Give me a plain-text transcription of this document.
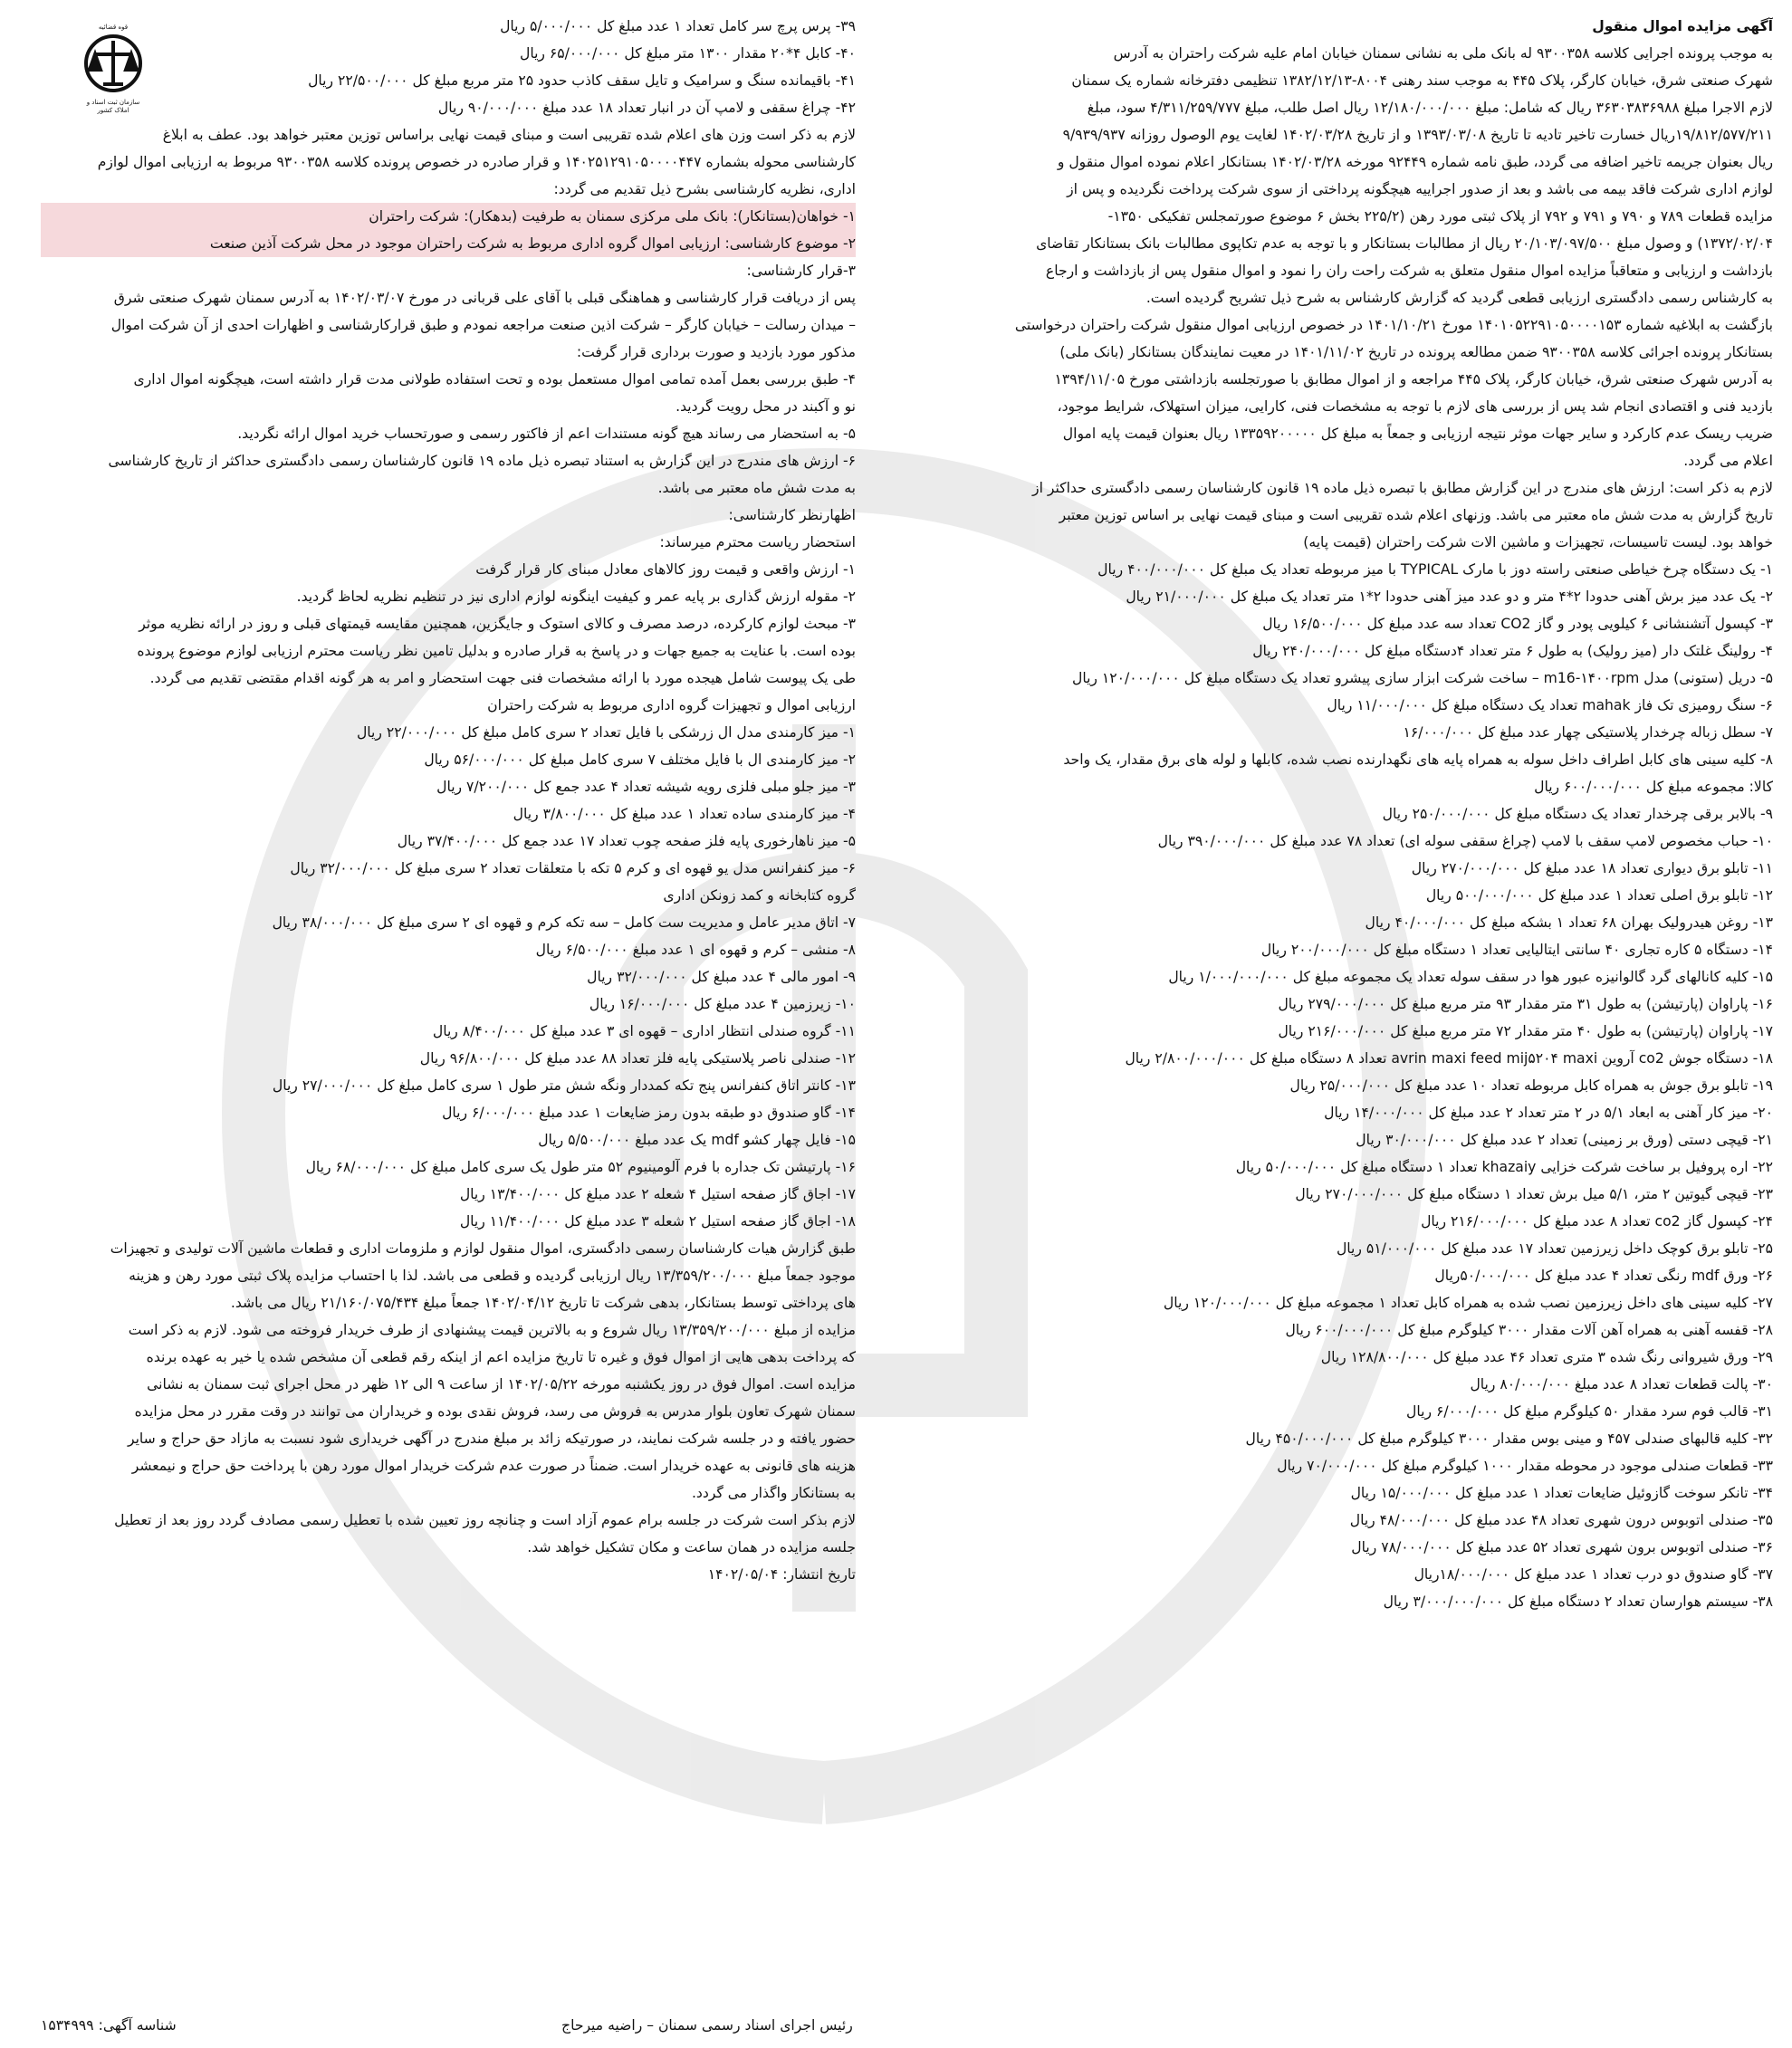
قوه قضائیه
سازمان ثبت اسناد و املاک کشور

آگهی مزایده اموال منقول

به موجب پرونده اجرایی کلاسه ۹۳۰۰۳۵۸ له بانک ملی به نشانی سمنان خیابان امام علیه شرکت راحتران به آدرس

شهرک صنعتی شرق، خیابان کارگر، پلاک ۴۴۵ به موجب سند رهنی ۸۰۰۴-۱۳۸۲/۱۲/۱۳ تنظیمی دفترخانه شماره یک سمنان

لازم الاجرا مبلغ ۳۶۳۰۳۸۳۶۹۸۸ ریال که شامل: مبلغ ۱۲/۱۸۰/۰۰۰/۰۰۰ ریال اصل طلب، مبلغ ۴/۳۱۱/۲۵۹/۷۷۷ سود، مبلغ

۱۹/۸۱۲/۵۷۷/۲۱۱ریال خسارت تاخیر تادیه تا تاریخ ۱۳۹۳/۰۳/۰۸ و از تاریخ ۱۴۰۲/۰۳/۲۸ لغایت یوم الوصول روزانه ۹/۹۳۹/۹۳۷

ریال بعنوان جریمه تاخیر اضافه می گردد، طبق نامه شماره ۹۲۴۴۹ مورخه ۱۴۰۲/۰۳/۲۸ بستانکار اعلام نموده اموال منقول و

لوازم اداری شرکت فاقد بیمه می باشد و بعد از صدور اجراییه هیچگونه پرداختی از سوی شرکت پرداخت نگردیده و پس از

مزایده قطعات ۷۸۹ و ۷۹۰ و ۷۹۱ و ۷۹۲ از پلاک ثبتی مورد رهن (۲۲۵/۲ بخش ۶ موضوع صورتمجلس تفکیکی ۱۳۵۰-

۱۳۷۲/۰۲/۰۴) و وصول مبلغ ۲۰/۱۰۳/۰۹۷/۵۰۰ ریال از مطالبات بستانکار و با توجه به عدم تکاپوی مطالبات بانک بستانکار تقاضای

بازداشت و ارزیابی و متعاقباً مزایده اموال منقول متعلق به شرکت راحت ران را نمود و اموال منقول پس از بازداشت و ارجاع

به کارشناس رسمی دادگستری ارزیابی قطعی گردید که گزارش کارشناس به شرح ذیل تشریح گردیده است.

بازگشت به ابلاغیه شماره ۱۴۰۱۰۵۲۲۹۱۰۵۰۰۰۰۱۵۳ مورخ ۱۴۰۱/۱۰/۲۱ در خصوص ارزیابی اموال منقول شرکت راحتران درخواستی

بستانکار پرونده اجرائی کلاسه ۹۳۰۰۳۵۸ ضمن مطالعه پرونده در تاریخ ۱۴۰۱/۱۱/۰۲ در معیت نمایندگان بستانکار (بانک ملی)

به آدرس شهرک صنعتی شرق، خیابان کارگر، پلاک ۴۴۵ مراجعه و از اموال مطابق با صورتجلسه بازداشتی مورخ ۱۳۹۴/۱۱/۰۵

بازدید فنی و اقتصادی انجام شد پس از بررسی های لازم با توجه به مشخصات فنی، کارایی، میزان استهلاک، شرایط موجود،

ضریب ریسک عدم کارکرد و سایر جهات موثر نتیجه ارزیابی و جمعاً به مبلغ کل ۱۳۳۵۹۲۰۰۰۰۰ ریال بعنوان قیمت پایه اموال

اعلام می گردد.

لازم به ذکر است: ارزش های مندرج در این گزارش مطابق با تبصره ذیل ماده ۱۹ قانون کارشناسان رسمی دادگستری حداکثر از

تاریخ گزارش به مدت شش ماه معتبر می باشد. وزنهای اعلام شده تقریبی است و مبنای قیمت نهایی بر اساس توزین معتبر

خواهد بود. لیست تاسیسات، تجهیزات و ماشین الات شرکت راحتران (قیمت پایه)

۱- یک دستگاه چرخ خیاطی صنعتی راسته دوز با مارک TYPICAL با میز مربوطه تعداد یک مبلغ کل ۴۰۰/۰۰۰/۰۰۰ ریال

۲- یک عدد میز برش آهنی حدودا ۲*۴ متر و دو عدد میز آهنی حدودا ۲*۱ متر تعداد یک مبلغ کل ۲۱/۰۰۰/۰۰۰ ریال

۳- کپسول آتشنشانی ۶ کیلویی پودر و گاز CO2 تعداد سه عدد مبلغ کل ۱۶/۵۰۰/۰۰۰ ریال

۴- رولینگ غلتک دار (میز رولیک) به طول ۶ متر تعداد ۴دستگاه مبلغ کل ۲۴۰/۰۰۰/۰۰۰ ریال

۵- دریل (ستونی) مدل m16-۱۴۰۰rpm – ساخت شرکت ابزار سازی پیشرو تعداد یک دستگاه مبلغ کل ۱۲۰/۰۰۰/۰۰۰ ریال

۶- سنگ رومیزی تک فاز mahak تعداد یک دستگاه مبلغ کل ۱۱/۰۰۰/۰۰۰ ریال

۷- سطل زباله چرخدار پلاستیکی چهار عدد مبلغ کل ۱۶/۰۰۰/۰۰۰

۸- کلیه سینی های کابل اطراف داخل سوله به همراه پایه های نگهدارنده نصب شده، کابلها و لوله های برق مقدار، یک واحد

کالا: مجموعه مبلغ کل ۶۰۰/۰۰۰/۰۰۰ ریال

۹- بالابر برقی چرخدار تعداد یک دستگاه مبلغ کل ۲۵۰/۰۰۰/۰۰۰ ریال

۱۰- حباب مخصوص لامپ سقف با لامپ (چراغ سقفی سوله ای) تعداد ۷۸ عدد مبلغ کل ۳۹۰/۰۰۰/۰۰۰ ریال

۱۱- تابلو برق دیواری تعداد ۱۸ عدد مبلغ کل ۲۷۰/۰۰۰/۰۰۰ ریال

۱۲- تابلو برق اصلی تعداد ۱ عدد مبلغ کل ۵۰۰/۰۰۰/۰۰۰ ریال

۱۳- روغن هیدرولیک بهران ۶۸ تعداد ۱ بشکه مبلغ کل ۴۰/۰۰۰/۰۰۰ ریال

۱۴- دستگاه ۵ کاره تجاری ۴۰ سانتی ایتالیایی تعداد ۱ دستگاه مبلغ کل ۲۰۰/۰۰۰/۰۰۰ ریال

۱۵- کلیه کانالهای گرد گالوانیزه عبور هوا در سقف سوله تعداد یک مجموعه مبلغ کل ۱/۰۰۰/۰۰۰/۰۰۰ ریال

۱۶- پاراوان (پارتیشن) به طول ۳۱ متر مقدار ۹۳ متر مربع مبلغ کل ۲۷۹/۰۰۰/۰۰۰ ریال

۱۷- پاراوان (پارتیشن) به طول ۴۰ متر مقدار ۷۲ متر مربع مبلغ کل ۲۱۶/۰۰۰/۰۰۰ ریال

۱۸- دستگاه جوش co2 آروین avrin maxi feed mij۵۲۰۴ maxi تعداد ۸ دستگاه مبلغ کل ۲/۸۰۰/۰۰۰/۰۰۰ ریال

۱۹- تابلو برق جوش به همراه کابل مربوطه تعداد ۱۰ عدد مبلغ کل ۲۵/۰۰۰/۰۰۰ ریال

۲۰- میز کار آهنی به ابعاد ۵/۱ در ۲ متر تعداد ۲ عدد مبلغ کل ۱۴/۰۰۰/۰۰۰ ریال

۲۱- قیچی دستی (ورق بر زمینی) تعداد ۲ عدد مبلغ کل ۳۰/۰۰۰/۰۰۰ ریال

۲۲- اره پروفیل بر ساخت شرکت خزایی khazaiy تعداد ۱ دستگاه مبلغ کل ۵۰/۰۰۰/۰۰۰ ریال

۲۳- قیچی گیوتین ۲ متر، ۵/۱ میل برش تعداد ۱ دستگاه مبلغ کل ۲۷۰/۰۰۰/۰۰۰ ریال

۲۴- کپسول گاز co2 تعداد ۸ عدد مبلغ کل ۲۱۶/۰۰۰/۰۰۰ ریال

۲۵- تابلو برق کوچک داخل زیرزمین تعداد ۱۷ عدد مبلغ کل ۵۱/۰۰۰/۰۰۰ ریال

۲۶- ورق mdf رنگی تعداد ۴ عدد مبلغ کل ۵۰/۰۰۰/۰۰۰ریال

۲۷- کلیه سینی های داخل زیرزمین نصب شده به همراه کابل تعداد ۱ مجموعه مبلغ کل ۱۲۰/۰۰۰/۰۰۰ ریال

۲۸- قفسه آهنی به همراه آهن آلات مقدار ۳۰۰۰ کیلوگرم مبلغ کل ۶۰۰/۰۰۰/۰۰۰ ریال

۲۹- ورق شیروانی رنگ شده ۳ متری تعداد ۴۶ عدد مبلغ کل ۱۲۸/۸۰۰/۰۰۰ ریال

۳۰- پالت قطعات تعداد ۸ عدد مبلغ ۸۰/۰۰۰/۰۰۰ ریال

۳۱- قالب فوم سرد مقدار ۵۰ کیلوگرم مبلغ کل ۶/۰۰۰/۰۰۰ ریال

۳۲- کلیه قالبهای صندلی ۴۵۷ و مینی بوس مقدار ۳۰۰۰ کیلوگرم مبلغ کل ۴۵۰/۰۰۰/۰۰۰ ریال

۳۳- قطعات صندلی موجود در محوطه مقدار ۱۰۰۰ کیلوگرم مبلغ کل ۷۰/۰۰۰/۰۰۰ ریال

۳۴- تانکر سوخت گازوئیل ضایعات تعداد ۱ عدد مبلغ کل ۱۵/۰۰۰/۰۰۰ ریال

۳۵- صندلی اتوبوس درون شهری تعداد ۴۸ عدد مبلغ کل ۴۸/۰۰۰/۰۰۰ ریال

۳۶- صندلی اتوبوس برون شهری تعداد ۵۲ عدد مبلغ کل ۷۸/۰۰۰/۰۰۰ ریال

۳۷- گاو صندوق دو درب تعداد ۱ عدد مبلغ کل ۱۸/۰۰۰/۰۰۰ریال

۳۸- سیستم هوارسان تعداد ۲ دستگاه مبلغ کل ۳/۰۰۰/۰۰۰/۰۰۰ ریال

۳۹- پرس پرچ سر کامل تعداد ۱ عدد مبلغ کل ۵/۰۰۰/۰۰۰ ریال

۴۰- کابل ۴*۲۰ مقدار ۱۳۰۰ متر مبلغ کل ۶۵/۰۰۰/۰۰۰ ریال

۴۱- باقیمانده سنگ و سرامیک و تایل سقف کاذب حدود ۲۵ متر مربع مبلغ کل ۲۲/۵۰۰/۰۰۰ ریال

۴۲- چراغ سقفی و لامپ آن در انبار تعداد ۱۸ عدد مبلغ ۹۰/۰۰۰/۰۰۰ ریال

لازم به ذکر است وزن های اعلام شده تقریبی است و مبنای قیمت نهایی براساس توزین معتبر خواهد بود. عطف به ابلاغ

کارشناسی محوله بشماره ۱۴۰۲۵۱۲۹۱۰۵۰۰۰۰۴۴۷ و قرار صادره در خصوص پرونده کلاسه ۹۳۰۰۳۵۸ مربوط به ارزیابی اموال لوازم

اداری، نظریه کارشناسی بشرح ذیل تقدیم می گردد:

۱- خواهان(بستانکار): بانک ملی مرکزی سمنان به طرفیت (بدهکار): شرکت راحتران

۲- موضوع کارشناسی: ارزیابی اموال گروه اداری مربوط به شرکت راحتران موجود در محل شرکت آذین صنعت

۳-قرار کارشناسی:

پس از دریافت قرار کارشناسی و هماهنگی قبلی با آقای علی قربانی در مورخ ۱۴۰۲/۰۳/۰۷ به آدرس سمنان شهرک صنعتی شرق

– میدان رسالت – خیابان کارگر – شرکت اذین صنعت مراجعه نمودم و طبق قرارکارشناسی و اظهارات احدی از آن شرکت اموال

مذکور مورد بازدید و صورت برداری قرار گرفت:

۴- طبق بررسی بعمل آمده تمامی اموال مستعمل بوده و تحت استفاده طولانی مدت قرار داشته است، هیچگونه اموال اداری

نو و آکبند در محل رویت گردید.

۵- به استحضار می رساند هیچ گونه مستندات اعم از فاکتور رسمی و صورتحساب خرید اموال ارائه نگردید.

۶- ارزش های مندرج در این گزارش به استناد تبصره ذیل ماده ۱۹ قانون کارشناسان رسمی دادگستری حداکثر از تاریخ کارشناسی

به مدت شش ماه معتبر می باشد.

اظهارنظر کارشناسی:

استحضار ریاست محترم میرساند:

۱- ارزش واقعی و قیمت روز کالاهای معادل مبنای کار قرار گرفت

۲- مقوله ارزش گذاری بر پایه عمر و کیفیت اینگونه لوازم اداری نیز در تنظیم نظریه لحاظ گردید.

۳- مبحث لوازم کارکرده، درصد مصرف و کالای استوک و جایگزین، همچنین مقایسه قیمتهای قبلی و روز در ارائه نظریه موثر

بوده است. با عنایت به جمیع جهات و در پاسخ به قرار صادره و بدلیل تامین نظر ریاست محترم ارزیابی لوازم موضوع پرونده

طی یک پیوست شامل هیجده مورد با ارائه مشخصات فنی جهت استحضار و امر به هر گونه اقدام مقتضی تقدیم می گردد.

ارزیابی اموال و تجهیزات گروه اداری مربوط به شرکت راحتران

۱- میز کارمندی مدل ال زرشکی با فایل تعداد ۲ سری کامل مبلغ کل ۲۲/۰۰۰/۰۰۰ ریال

۲- میز کارمندی ال با فایل مختلف ۷ سری کامل مبلغ کل ۵۶/۰۰۰/۰۰۰ ریال

۳- میز جلو مبلی فلزی رویه شیشه تعداد ۴ عدد جمع کل ۷/۲۰۰/۰۰۰ ریال

۴- میز کارمندی ساده تعداد ۱ عدد مبلغ کل ۳/۸۰۰/۰۰۰ ریال

۵- میز ناهارخوری پایه فلز صفحه چوب تعداد ۱۷ عدد جمع کل ۳۷/۴۰۰/۰۰۰ ریال

۶- میز کنفرانس مدل یو قهوه ای و کرم ۵ تکه با متعلقات تعداد ۲ سری مبلغ کل ۳۲/۰۰۰/۰۰۰ ریال

گروه کتابخانه و کمد زونکن اداری

۷- اتاق مدیر عامل و مدیریت ست کامل – سه تکه کرم و قهوه ای ۲ سری مبلغ کل ۳۸/۰۰۰/۰۰۰ ریال

۸- منشی – کرم و قهوه ای ۱ عدد مبلغ ۶/۵۰۰/۰۰۰ ریال

۹- امور مالی ۴ عدد مبلغ کل ۳۲/۰۰۰/۰۰۰ ریال

۱۰- زیرزمین ۴ عدد مبلغ کل ۱۶/۰۰۰/۰۰۰ ریال

۱۱- گروه صندلی انتظار اداری – قهوه ای ۳ عدد مبلغ کل ۸/۴۰۰/۰۰۰ ریال

۱۲- صندلی ناصر پلاستیکی پایه فلز تعداد ۸۸ عدد مبلغ کل ۹۶/۸۰۰/۰۰۰ ریال

۱۳- کانتر اتاق کنفرانس پنج تکه کمددار ونگه شش متر طول ۱ سری کامل مبلغ کل ۲۷/۰۰۰/۰۰۰ ریال

۱۴- گاو صندوق دو طبقه بدون رمز ضایعات ۱ عدد مبلغ ۶/۰۰۰/۰۰۰ ریال

۱۵- فایل چهار کشو mdf یک عدد مبلغ ۵/۵۰۰/۰۰۰ ریال

۱۶- پارتیشن تک جداره با فرم آلومینیوم ۵۲ متر طول یک سری کامل مبلغ کل ۶۸/۰۰۰/۰۰۰ ریال

۱۷- اجاق گاز صفحه استیل ۴ شعله ۲ عدد مبلغ کل ۱۳/۴۰۰/۰۰۰ ریال

۱۸- اجاق گاز صفحه استیل ۲ شعله ۳ عدد مبلغ کل ۱۱/۴۰۰/۰۰۰ ریال

طبق گزارش هیات کارشناسان رسمی دادگستری، اموال منقول لوازم و ملزومات اداری و قطعات ماشین آلات تولیدی و تجهیزات

موجود جمعاً مبلغ ۱۳/۳۵۹/۲۰۰/۰۰۰ ریال ارزیابی گردیده و قطعی می باشد. لذا با احتساب مزایده پلاک ثبتی مورد رهن و هزینه

های پرداختی توسط بستانکار، بدهی شرکت تا تاریخ ۱۴۰۲/۰۴/۱۲ جمعاً مبلغ ۲۱/۱۶۰/۰۷۵/۴۳۴ ریال می باشد.

مزایده از مبلغ ۱۳/۳۵۹/۲۰۰/۰۰۰ ریال شروع و به بالاترین قیمت پیشنهادی از طرف خریدار فروخته می شود. لازم به ذکر است

که پرداخت بدهی هایی از اموال فوق و غیره تا تاریخ مزایده اعم از اینکه رقم قطعی آن مشخص شده یا خیر به عهده برنده

مزایده است. اموال فوق در روز یکشنبه مورخه ۱۴۰۲/۰۵/۲۲ از ساعت ۹ الی ۱۲ ظهر در محل اجرای ثبت سمنان به نشانی

سمنان شهرک تعاون بلوار مدرس به فروش می رسد، فروش نقدی بوده و خریداران می توانند در وقت مقرر در محل مزایده

حضور یافته و در جلسه شرکت نمایند، در صورتیکه زائد بر مبلغ مندرج در آگهی خریداری شود نسبت به مازاد حق حراج و سایر

هزینه های قانونی به عهده خریدار است. ضمناً در صورت عدم شرکت خریدار اموال مورد رهن با پرداخت حق حراج و نیمعشر

به بستانکار واگذار می گردد.

لازم بذکر است شرکت در جلسه برام عموم آزاد است و چنانچه روز تعیین شده با تعطیل رسمی مصادف گردد روز بعد از تعطیل

جلسه مزایده در همان ساعت و مکان تشکیل خواهد شد.

تاریخ انتشار: ۱۴۰۲/۰۵/۰۴

رئیس اجرای اسناد رسمی سمنان – راضیه میرحاج
شناسه آگهی: ۱۵۳۴۹۹۹
